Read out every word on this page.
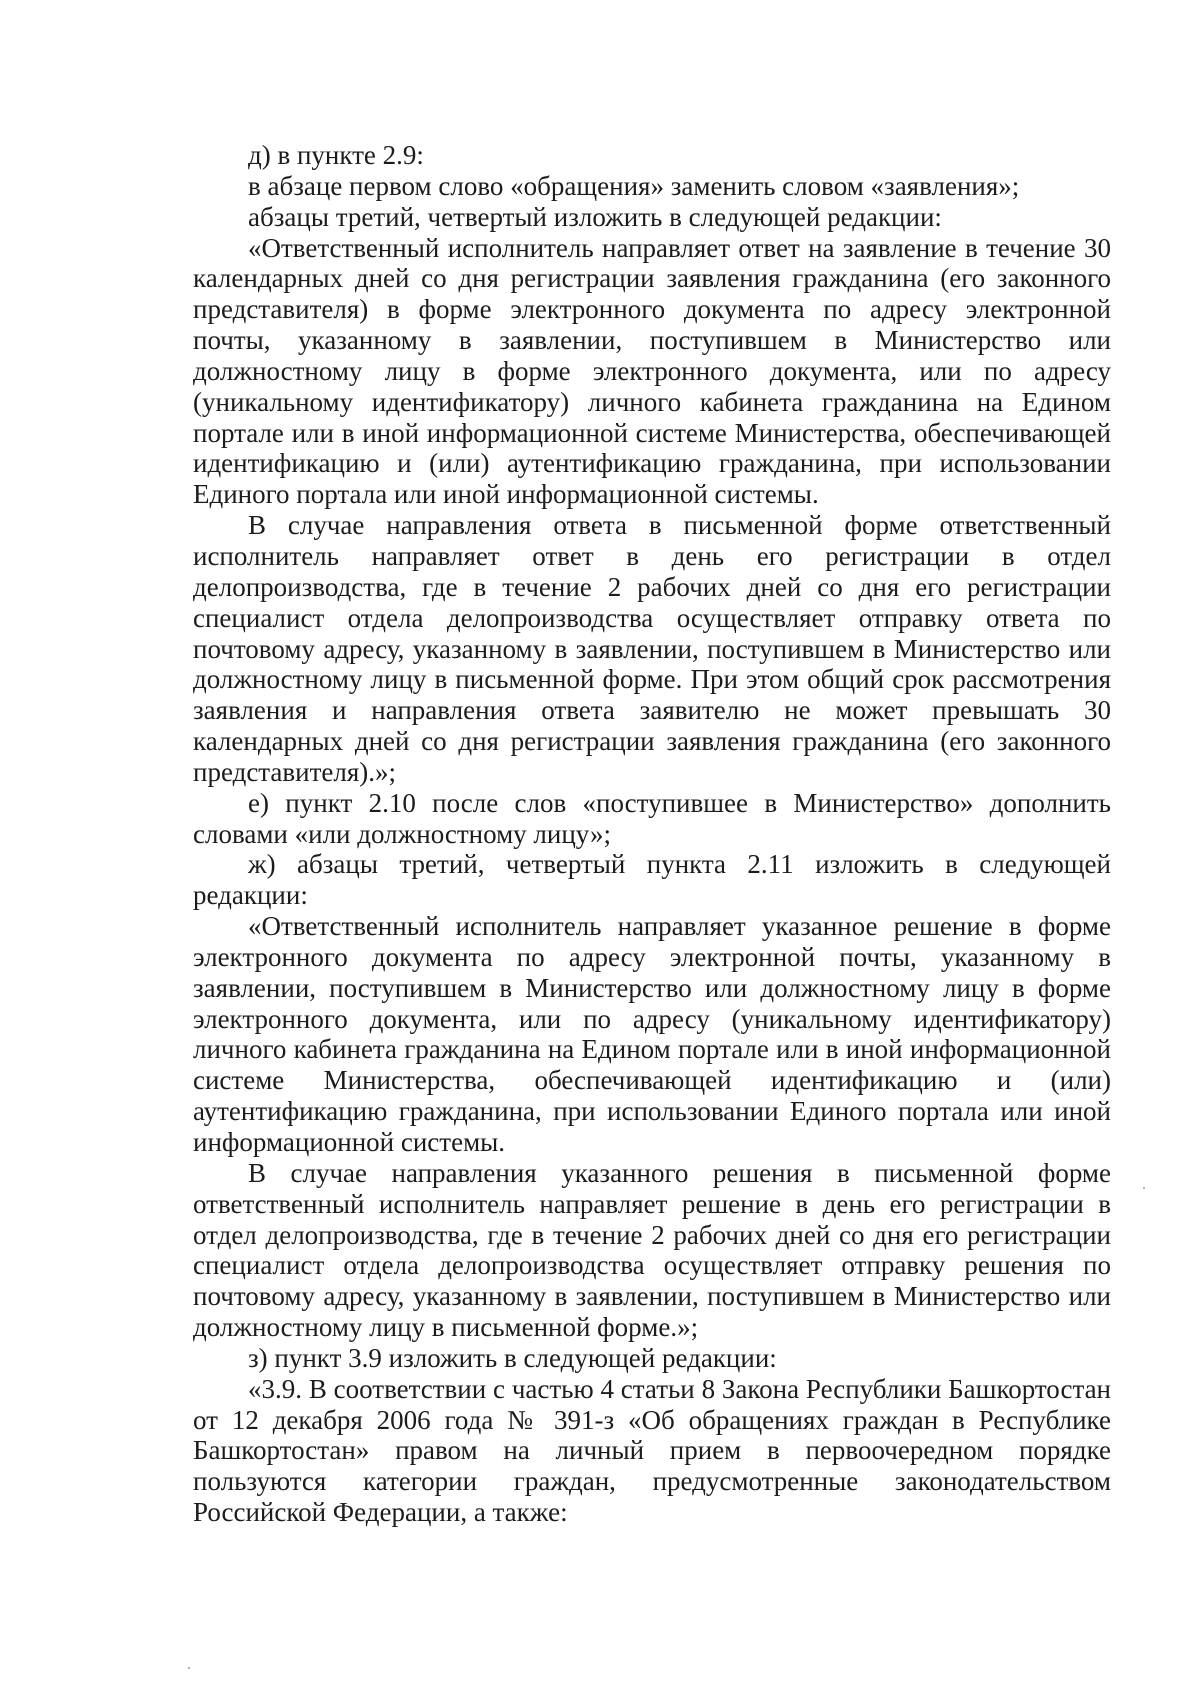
д) в пункте 2.9:

в абзаце первом слово «обращения» заменить словом «заявления»;

абзацы третий, четвертый изложить в следующей редакции:

«Ответственный исполнитель направляет ответ на заявление в течение 30 календарных дней со дня регистрации заявления гражданина (его законного представителя) в форме электронного документа по адресу электронной почты, указанному в заявлении, поступившем в Министерство или должностному лицу в форме электронного документа, или по адресу (уникальному идентификатору) личного кабинета гражданина на Едином портале или в иной информационной системе Министерства, обеспечивающей идентификацию и (или) аутентификацию гражданина, при использовании Единого портала или иной информационной системы.

В случае направления ответа в письменной форме ответственный исполнитель направляет ответ в день его регистрации в отдел делопроизводства, где в течение 2 рабочих дней со дня его регистрации специалист отдела делопроизводства осуществляет отправку ответа по почтовому адресу, указанному в заявлении, поступившем в Министерство или должностному лицу в письменной форме. При этом общий срок рассмотрения заявления и направления ответа заявителю не может превышать 30 календарных дней со дня регистрации заявления гражданина (его законного представителя).»;

е) пункт 2.10 после слов «поступившее в Министерство» дополнить словами «или должностному лицу»;

ж) абзацы третий, четвертый пункта 2.11 изложить в следующей редакции:

«Ответственный исполнитель направляет указанное решение в форме электронного документа по адресу электронной почты, указанному в заявлении, поступившем в Министерство или должностному лицу в форме электронного документа, или по адресу (уникальному идентификатору) личного кабинета гражданина на Едином портале или в иной информационной системе Министерства, обеспечивающей идентификацию и (или) аутентификацию гражданина, при использовании Единого портала или иной информационной системы.

В случае направления указанного решения в письменной форме ответственный исполнитель направляет решение в день его регистрации в отдел делопроизводства, где в течение 2 рабочих дней со дня его регистрации специалист отдела делопроизводства осуществляет отправку решения по почтовому адресу, указанному в заявлении, поступившем в Министерство или должностному лицу в письменной форме.»;

з) пункт 3.9 изложить в следующей редакции:

«3.9. В соответствии с частью 4 статьи 8 Закона Республики Башкортостан от 12 декабря 2006 года № 391-з «Об обращениях граждан в Республике Башкортостан» правом на личный прием в первоочередном порядке пользуются категории граждан, предусмотренные законодательством Российской Федерации, а также:
